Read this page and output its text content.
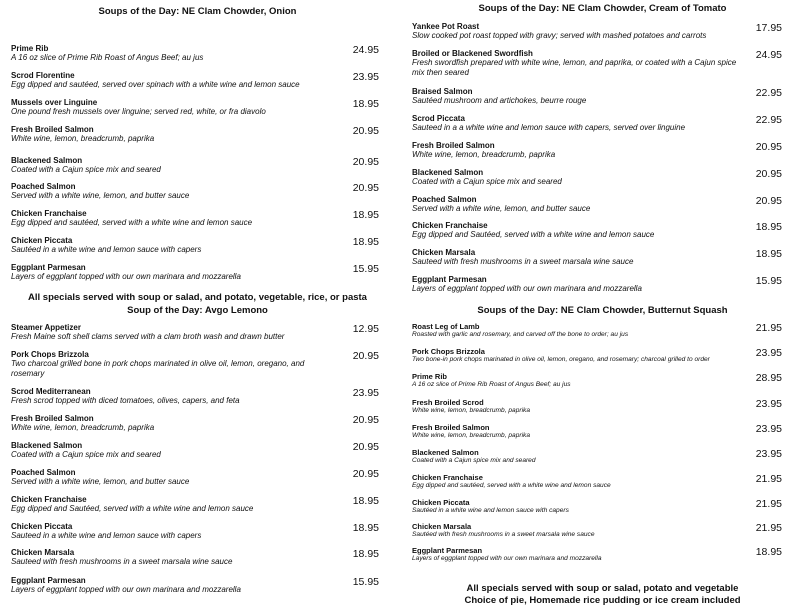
Soups of the Day: NE Clam Chowder, Onion
Prime Rib
A 16 oz slice of Prime Rib Roast of Angus Beef; au jus
24.95
Scrod Florentine
Egg dipped and sautéed, served over spinach with a white wine and lemon sauce
23.95
Mussels over Linguine
One pound fresh mussels over linguine; served red, white, or fra diavolo
18.95
Fresh Broiled Salmon
White wine, lemon, breadcrumb, paprika
20.95
Blackened Salmon
Coated with a Cajun spice mix and seared
20.95
Poached Salmon
Served with a white wine, lemon, and butter sauce
20.95
Chicken Franchaise
Egg dipped and sautéed, served with a white wine and lemon sauce
18.95
Chicken Piccata
Sautéed in a white wine and lemon sauce with capers
18.95
Eggplant Parmesan
Layers of eggplant topped with our own marinara and mozzarella
15.95
All specials served with soup or salad, and potato, vegetable, rice, or pasta
Soup of the Day: Avgo Lemono
Steamer Appetizer
Fresh Maine soft shell clams served with a clam broth wash and drawn butter
12.95
Pork Chops Brizzola
Two charcoal grilled bone in pork chops marinated in olive oil, lemon, oregano, and rosemary
20.95
Scrod Mediterranean
Fresh scrod topped with diced tomatoes, olives, capers, and feta
23.95
Fresh Broiled Salmon
White wine, lemon, breadcrumb, paprika
20.95
Blackened Salmon
Coated with a Cajun spice mix and seared
20.95
Poached Salmon
Served with a white wine, lemon, and butter sauce
20.95
Chicken Franchaise
Egg dipped and Sautéed, served with a white wine and lemon sauce
18.95
Chicken Piccata
Sauteed in a white wine and lemon sauce with capers
18.95
Chicken Marsala
Sauteed with fresh mushrooms in a sweet marsala wine sauce
18.95
Eggplant Parmesan
Layers of eggplant topped with our own marinara and mozzarella
15.95
Soups of the Day: NE Clam Chowder, Cream of Tomato
Yankee Pot Roast
Slow cooked pot roast topped with gravy; served with mashed potatoes and carrots
17.95
Broiled or Blackened Swordfish
Fresh swordfish prepared with white wine, lemon, and paprika, or coated with a Cajun spice mix then seared
24.95
Braised Salmon
Sautéed mushroom and artichokes, beurre rouge
22.95
Scrod Piccata
Sauteed in a a white wine and lemon sauce with capers, served over linguine
22.95
Fresh Broiled Salmon
White wine, lemon, breadcrumb, paprika
20.95
Blackened Salmon
Coated with a Cajun spice mix and seared
20.95
Poached Salmon
Served with a white wine, lemon, and butter sauce
20.95
Chicken Franchaise
Egg dipped and Sautéed, served with a white wine and lemon sauce
18.95
Chicken Marsala
Sauteed with fresh mushrooms in a sweet marsala wine sauce
18.95
Eggplant Parmesan
Layers of eggplant topped with our own marinara and mozzarella
15.95
Soups of the Day: NE Clam Chowder, Butternut Squash
Roast Leg of Lamb
Roasted with garlic and rosemary, and carved off the bone to order; au jus
21.95
Pork Chops Brizzola
Two bone-in pork chops marinated in olive oil, lemon, oregano, and rosemary; charcoal grilled to order
23.95
Prime Rib
A 16 oz slice of Prime Rib Roast of Angus Beef; au jus
28.95
Fresh Broiled Scrod
White wine, lemon, breadcrumb, paprika
23.95
Fresh Broiled Salmon
White wine, lemon, breadcrumb, paprika
23.95
Blackened Salmon
Coated with a Cajun spice mix and seared
23.95
Chicken Franchaise
Egg dipped and sautéed, served with a white wine and lemon sauce
21.95
Chicken Piccata
Sautéed in a white wine and lemon sauce with capers
21.95
Chicken Marsala
Sautéed with fresh mushrooms in a sweet marsala wine sauce
21.95
Eggplant Parmesan
Layers of eggplant topped with our own marinara and mozzarella
18.95
All specials served with soup or salad, potato and vegetable
Choice of pie, Homemade rice pudding or ice cream included
